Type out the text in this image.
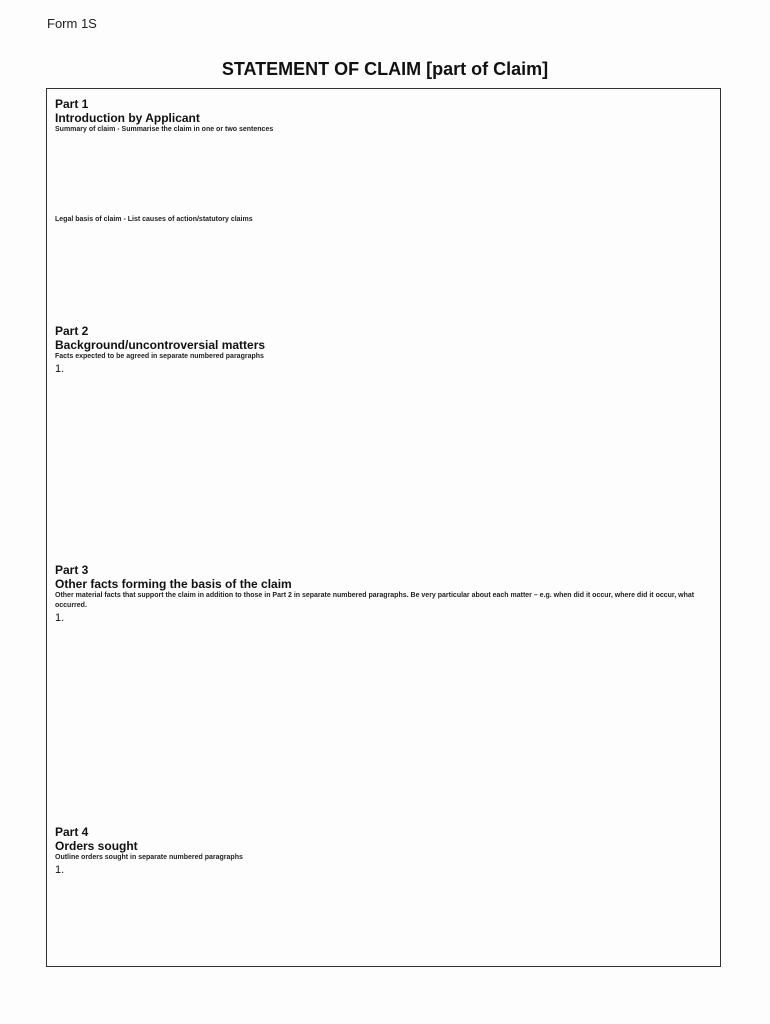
Form 1S
STATEMENT OF CLAIM [part of Claim]
Part 1
Introduction by Applicant
Summary of claim - Summarise the claim in one or two sentences
Legal basis of claim - List causes of action/statutory claims
Part 2
Background/uncontroversial matters
Facts expected to be agreed in separate numbered paragraphs
1.
Part 3
Other facts forming the basis of the claim
Other material facts that support the claim in addition to those in Part 2 in separate numbered paragraphs. Be very particular about each matter – e.g. when did it occur, where did it occur, what occurred.
1.
Part 4
Orders sought
Outline orders sought in separate numbered paragraphs
1.
